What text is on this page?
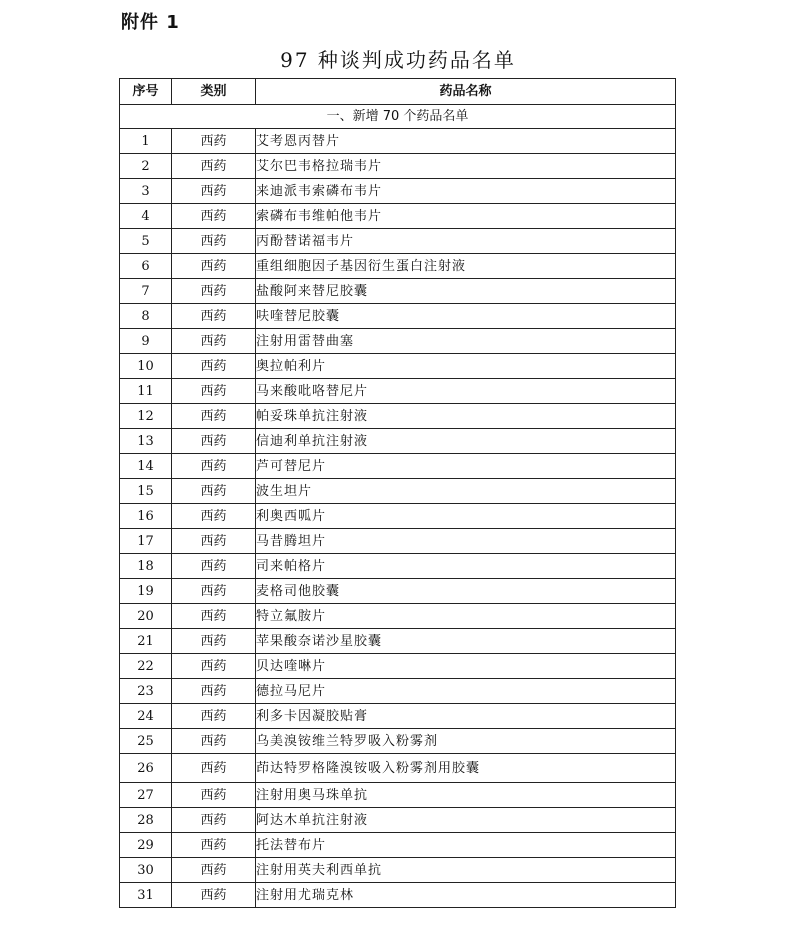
附件 1
97 种谈判成功药品名单
序号	类别	药品名称
一、新增 70 个药品名单		
1	西药	艾考恩丙替片
2	西药	艾尔巴韦格拉瑞韦片
3	西药	来迪派韦索磷布韦片
4	西药	索磷布韦维帕他韦片
5	西药	丙酚替诺福韦片
6	西药	重组细胞因子基因衍生蛋白注射液
7	西药	盐酸阿来替尼胶囊
8	西药	呋喹替尼胶囊
9	西药	注射用雷替曲塞
10	西药	奥拉帕利片
11	西药	马来酸吡咯替尼片
12	西药	帕妥珠单抗注射液
13	西药	信迪利单抗注射液
14	西药	芦可替尼片
15	西药	波生坦片
16	西药	利奥西呱片
17	西药	马昔腾坦片
18	西药	司来帕格片
19	西药	麦格司他胶囊
20	西药	特立氟胺片
21	西药	苹果酸奈诺沙星胶囊
22	西药	贝达喹啉片
23	西药	德拉马尼片
24	西药	利多卡因凝胶贴膏
25	西药	乌美溴铵维兰特罗吸入粉雾剂
26	西药	茚达特罗格隆溴铵吸入粉雾剂用胶囊
27	西药	注射用奥马珠单抗
28	西药	阿达木单抗注射液
29	西药	托法替布片
30	西药	注射用英夫利西单抗
31	西药	注射用尤瑞克林
